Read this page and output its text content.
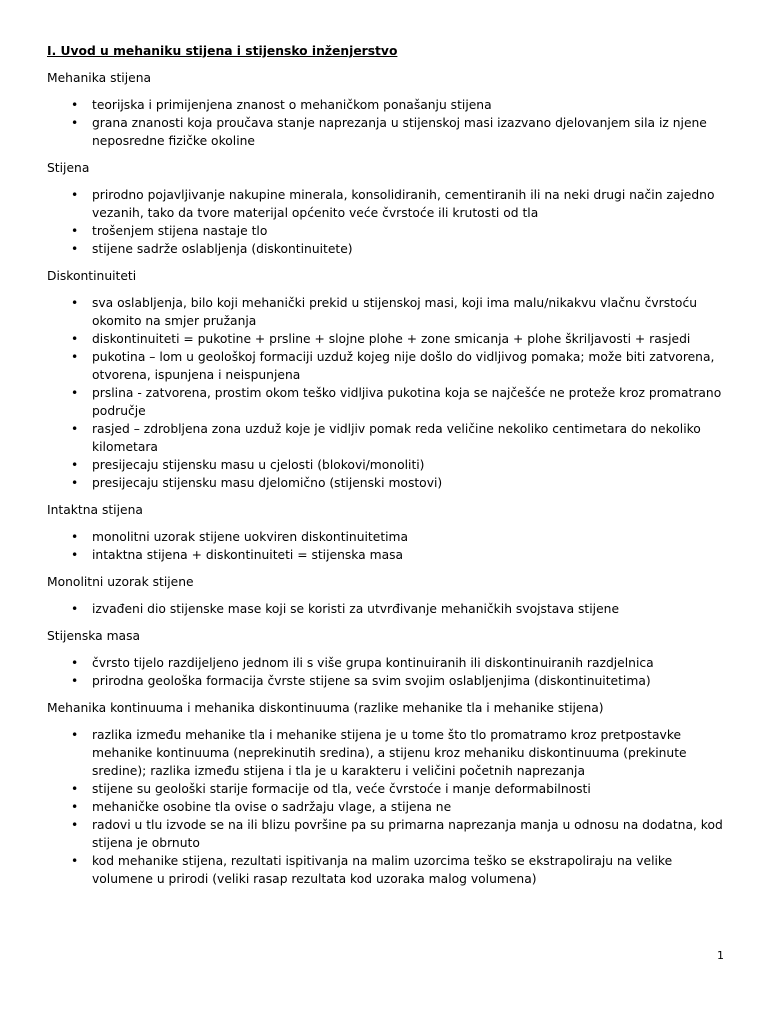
I. Uvod u mehaniku stijena i stijensko inženjerstvo

Mehanika stijena

• teorijska i primijenjena znanost o mehaničkom ponašanju stijena
• grana znanosti koja proučava stanje naprezanja u stijenskoj masi izazvano djelovanjem sila iz njene neposredne fizičke okoline

Stijena

• prirodno pojavljivanje nakupine minerala, konsolidiranih, cementiranih ili na neki drugi način zajedno vezanih, tako da tvore materijal općenito veće čvrstoće ili krutosti od tla
• trošenjem stijena nastaje tlo
• stijene sadrže oslabljenja (diskontinuitete)

Diskontinuiteti

• sva oslabljenja, bilo koji mehanički prekid u stijenskoj masi, koji ima malu/nikakvu vlačnu čvrstoću okomito na smjer pružanja
• diskontinuiteti = pukotine + prsline + slojne plohe + zone smicanja + plohe škriljavosti + rasjedi
• pukotina – lom u geološkoj formaciji uzduž kojeg nije došlo do vidljivog pomaka; može biti zatvorena, otvorena, ispunjena i neispunjena
• prslina - zatvorena, prostim okom teško vidljiva pukotina koja se najčešće ne proteže kroz promatrano područje
• rasjed – zdrobljena zona uzduž koje je vidljiv pomak reda veličine nekoliko centimetara do nekoliko kilometara
• presijecaju stijensku masu u cjelosti (blokovi/monoliti)
• presijecaju stijensku masu djelomično (stijenski mostovi)

Intaktna stijena

• monolitni uzorak stijene uokviren diskontinuitetima
• intaktna stijena + diskontinuiteti = stijenska masa

Monolitni uzorak stijene

• izvađeni dio stijenske mase koji se koristi za utvrđivanje mehaničkih svojstava stijene

Stijenska masa

• čvrsto tijelo razdijeljeno jednom ili s više grupa kontinuiranih ili diskontinuiranih razdjelnica
• prirodna geološka formacija čvrste stijene sa svim svojim oslabljenjima (diskontinuitetima)

Mehanika kontinuuma i mehanika diskontinuuma (razlike mehanike tla i mehanike stijena)

• razlika između mehanike tla i mehanike stijena je u tome što tlo promatramo kroz pretpostavke mehanike kontinuuma (neprekinutih sredina), a stijenu kroz mehaniku diskontinuuma (prekinute sredine); razlika između stijena i tla je u karakteru i veličini početnih naprezanja
• stijene su geološki starije formacije od tla, veće čvrstoće i manje deformabilnosti
• mehaničke osobine tla ovise o sadržaju vlage, a stijena ne
• radovi u tlu izvode se na ili blizu površine pa su primarna naprezanja manja u odnosu na dodatna, kod stijena je obrnuto
• kod mehanike stijena, rezultati ispitivanja na malim uzorcima teško se ekstrapoliraju na velike volumene u prirodi (veliki rasap rezultata kod uzoraka malog volumena)
1
